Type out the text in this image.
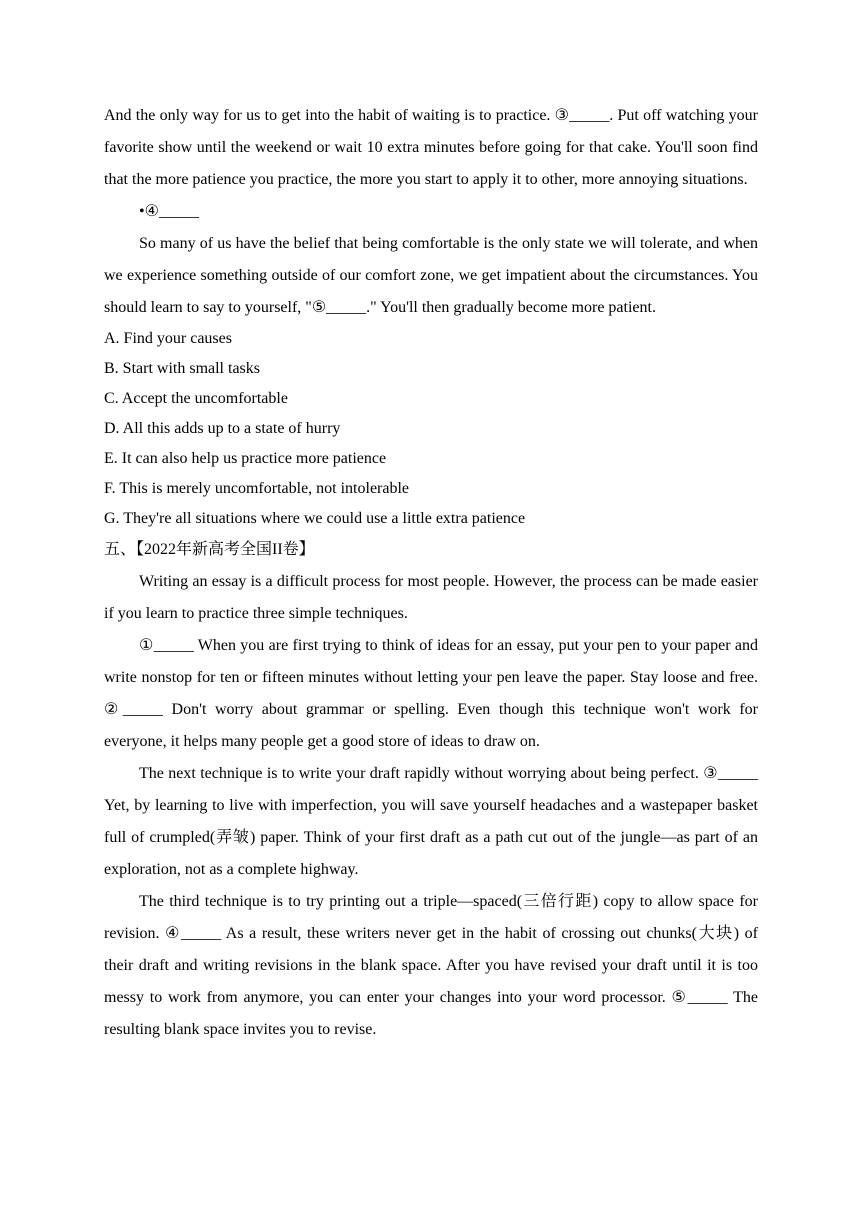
And the only way for us to get into the habit of waiting is to practice. ③_____. Put off watching your favorite show until the weekend or wait 10 extra minutes before going for that cake. You'll soon find that the more patience you practice, the more you start to apply it to other, more annoying situations.

•④_____

So many of us have the belief that being comfortable is the only state we will tolerate, and when we experience something outside of our comfort zone, we get impatient about the circumstances. You should learn to say to yourself, "⑤_____." You'll then gradually become more patient.

A. Find your causes

B. Start with small tasks

C. Accept the uncomfortable

D. All this adds up to a state of hurry

E. It can also help us practice more patience

F. This is merely uncomfortable, not intolerable

G. They're all situations where we could use a little extra patience

五、【2022年新高考全国II卷】

Writing an essay is a difficult process for most people. However, the process can be made easier if you learn to practice three simple techniques.

①_____ When you are first trying to think of ideas for an essay, put your pen to your paper and write nonstop for ten or fifteen minutes without letting your pen leave the paper. Stay loose and free. ②_____ Don't worry about grammar or spelling. Even though this technique won't work for everyone, it helps many people get a good store of ideas to draw on.

The next technique is to write your draft rapidly without worrying about being perfect. ③_____ Yet, by learning to live with imperfection, you will save yourself headaches and a wastepaper basket full of crumpled(弄皱) paper. Think of your first draft as a path cut out of the jungle—as part of an exploration, not as a complete highway.

The third technique is to try printing out a triple—spaced(三倍行距) copy to allow space for revision. ④_____ As a result, these writers never get in the habit of crossing out chunks(大块) of their draft and writing revisions in the blank space. After you have revised your draft until it is too messy to work from anymore, you can enter your changes into your word processor. ⑤_____ The resulting blank space invites you to revise.
